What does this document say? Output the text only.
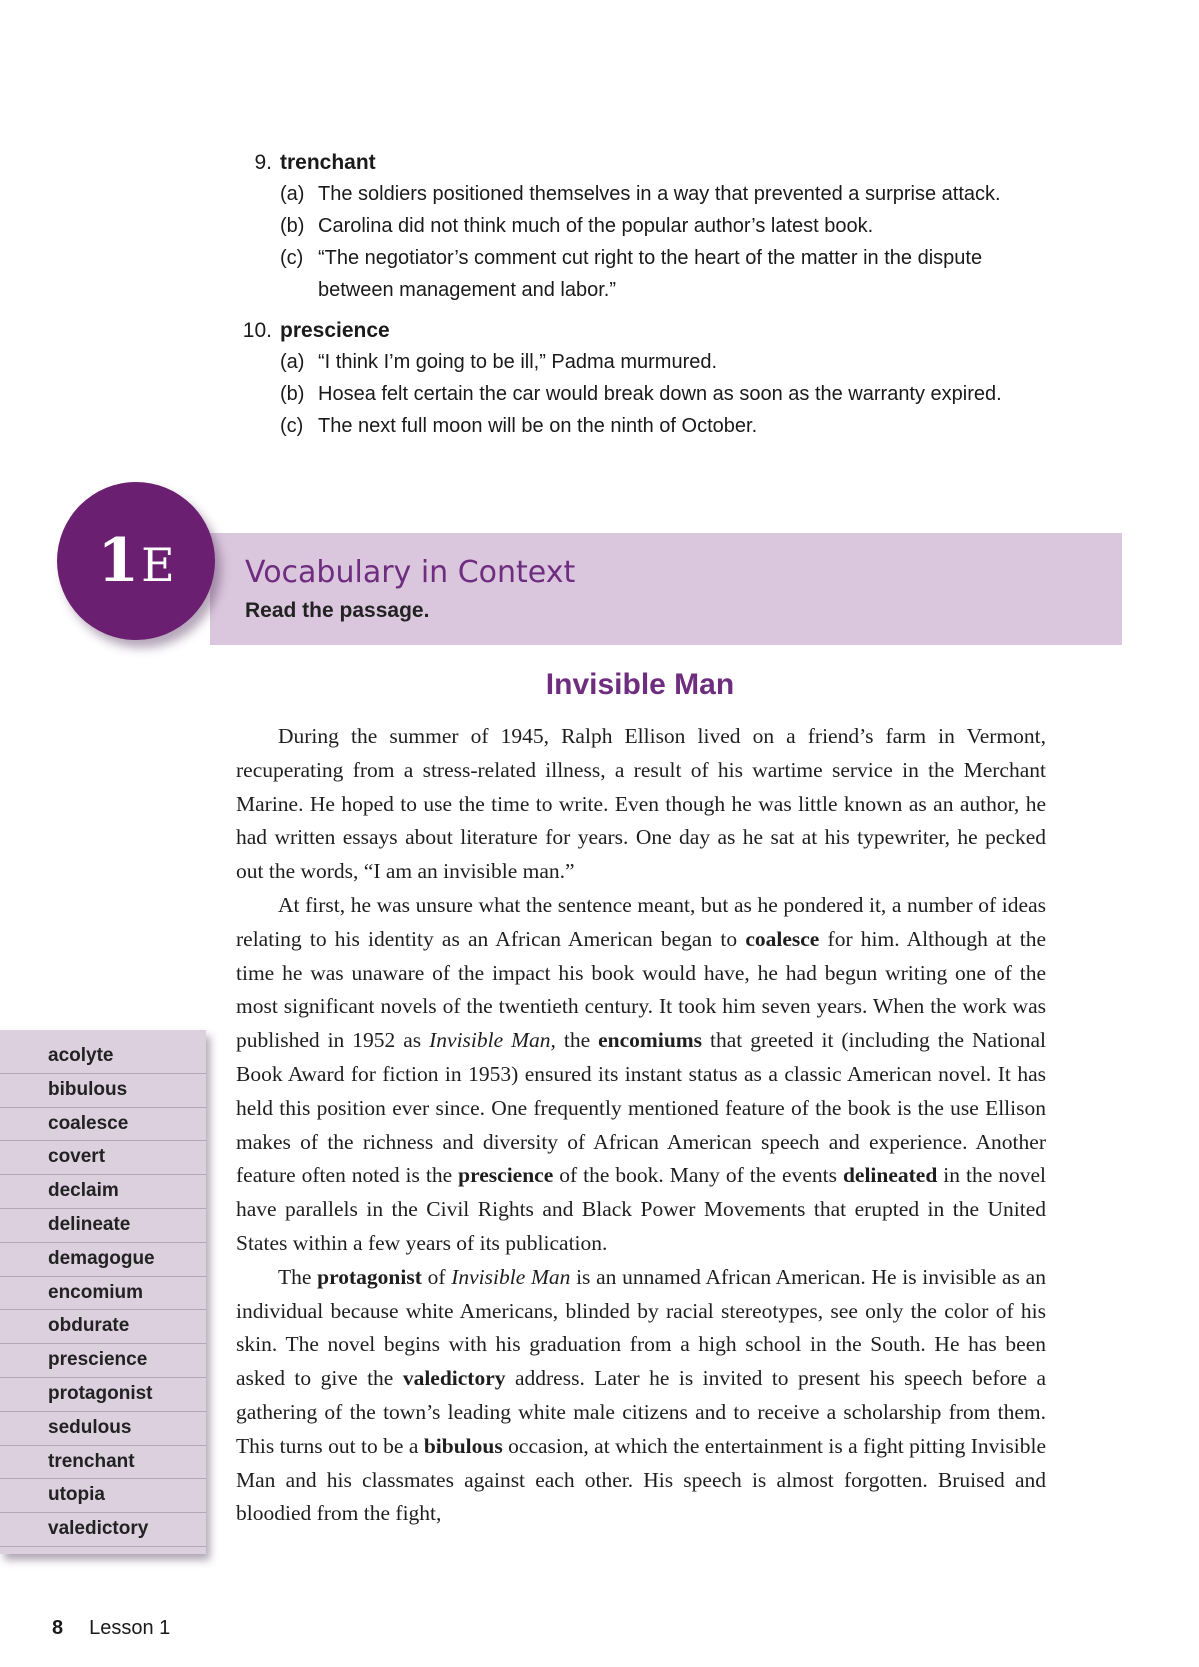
9. trenchant
(a) The soldiers positioned themselves in a way that prevented a surprise attack.
(b) Carolina did not think much of the popular author’s latest book.
(c) “The negotiator’s comment cut right to the heart of the matter in the dispute
between management and labor.”
10. prescience
(a) “I think I’m going to be ill,” Padma murmured.
(b) Hosea felt certain the car would break down as soon as the warranty expired.
(c) The next full moon will be on the ninth of October.
Vocabulary in Context
Read the passage.
1 E
Invisible Man

During the summer of 1945, Ralph Ellison lived on a friend’s farm in Vermont, recuperating from a stress-related illness, a result of his wartime service in the Merchant Marine. He hoped to use the time to write. Even though he was little known as an author, he had written essays about literature for years. One day as he sat at his typewriter, he pecked out the words, “I am an invisible man.”

At first, he was unsure what the sentence meant, but as he pondered it, a number of ideas relating to his identity as an African American began to coalesce for him. Although at the time he was unaware of the impact his book would have, he had begun writing one of the most significant novels of the twentieth century. It took him seven years. When the work was published in 1952 as Invisible Man, the encomiums that greeted it (including the National Book Award for fiction in 1953) ensured its instant status as a classic American novel. It has held this position ever since. One frequently mentioned feature of the book is the use Ellison makes of the richness and diversity of African American speech and experience. Another feature often noted is the prescience of the book. Many of the events delineated in the novel have parallels in the Civil Rights and Black Power Movements that erupted in the United States within a few years of its publication.

The protagonist of Invisible Man is an unnamed African American. He is invisible as an individual because white Americans, blinded by racial stereotypes, see only the color of his skin. The novel begins with his graduation from a high school in the South. He has been asked to give the valedictory address. Later he is invited to present his speech before a gathering of the town’s leading white male citizens and to receive a scholarship from them. This turns out to be a bibulous occasion, at which the entertainment is a fight pitting Invisible Man and his classmates against each other. His speech is almost forgotten. Bruised and bloodied from the fight,

acolyte
bibulous
coalesce
covert
declaim
delineate
demagogue
encomium
obdurate
prescience
protagonist
sedulous
trenchant
utopia
valedictory
8 Lesson 1
